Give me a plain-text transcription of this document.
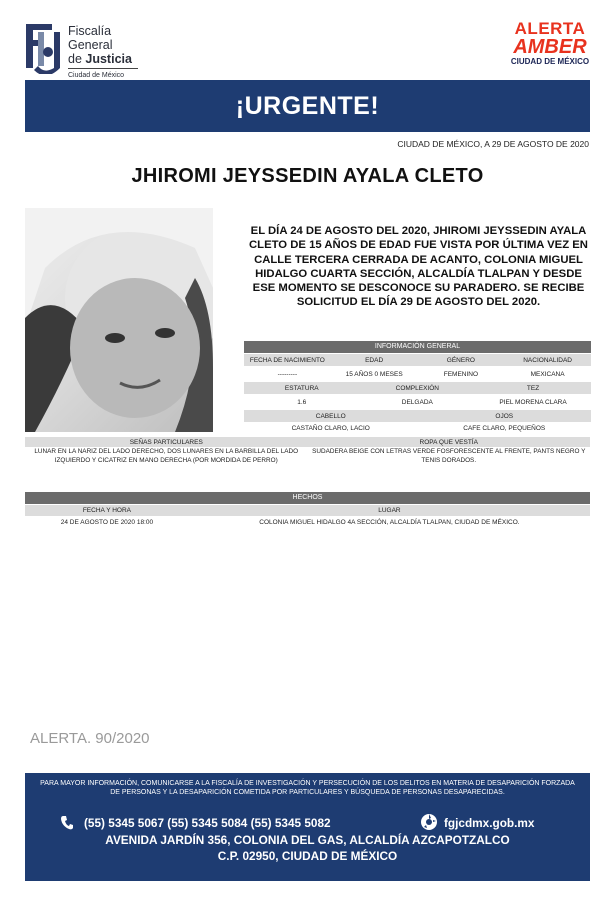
Fiscalía
General
de Justicia
Ciudad de México
ALERTA
AMBER
CIUDAD DE MÉXICO
¡URGENTE!
CIUDAD DE MÉXICO, A 29 DE AGOSTO DE 2020
JHIROMI JEYSSEDIN AYALA CLETO
EL DÍA 24 DE AGOSTO DEL 2020, JHIROMI JEYSSEDIN AYALA CLETO DE 15 AÑOS DE EDAD FUE VISTA POR ÚLTIMA VEZ EN CALLE TERCERA CERRADA DE ACANTO, COLONIA MIGUEL HIDALGO CUARTA SECCIÓN, ALCALDÍA TLALPAN Y DESDE ESE MOMENTO SE DESCONOCE SU PARADERO. SE RECIBE SOLICITUD EL DÍA 29 DE AGOSTO DEL 2020.
INFORMACIÓN GENERAL
FECHA DE NACIMIENTO	EDAD	GÉNERO	NACIONALIDAD
---------	15 AÑOS 0 MESES	FEMENINO	MEXICANA
ESTATURA	COMPLEXIÓN	TEZ
1.6	DELGADA	PIEL MORENA CLARA
CABELLO	OJOS
CASTAÑO CLARO, LACIO	CAFE CLARO, PEQUEÑOS
SEÑAS PARTICULARES	ROPA QUE VESTÍA
LUNAR EN LA NARIZ DEL LADO DERECHO, DOS LUNARES EN LA BARBILLA DEL LADO IZQUIERDO Y CICATRIZ EN MANO DERECHA (POR MORDIDA DE PERRO)
SUDADERA BEIGE CON LETRAS VERDE FOSFORESCENTE AL FRENTE, PANTS NEGRO Y TENIS DORADOS.
HECHOS
FECHA Y HORA	LUGAR
24 DE AGOSTO DE 2020 18:00	COLONIA MIGUEL HIDALGO 4A SECCIÓN, ALCALDÍA TLALPAN, CIUDAD DE MÉXICO.
ALERTA. 90/2020
PARA MAYOR INFORMACIÓN, COMUNICARSE A LA FISCALÍA DE INVESTIGACIÓN Y PERSECUCIÓN DE LOS DELITOS EN MATERIA DE DESAPARICIÓN FORZADA DE PERSONAS Y LA DESAPARICIÓN COMETIDA POR PARTICULARES Y BÚSQUEDA DE PERSONAS DESAPARECIDAS.
(55) 5345 5067 (55) 5345 5084 (55) 5345 5082	fgjcdmx.gob.mx
AVENIDA JARDÍN 356, COLONIA DEL GAS, ALCALDÍA AZCAPOTZALCO
C.P. 02950, CIUDAD DE MÉXICO
